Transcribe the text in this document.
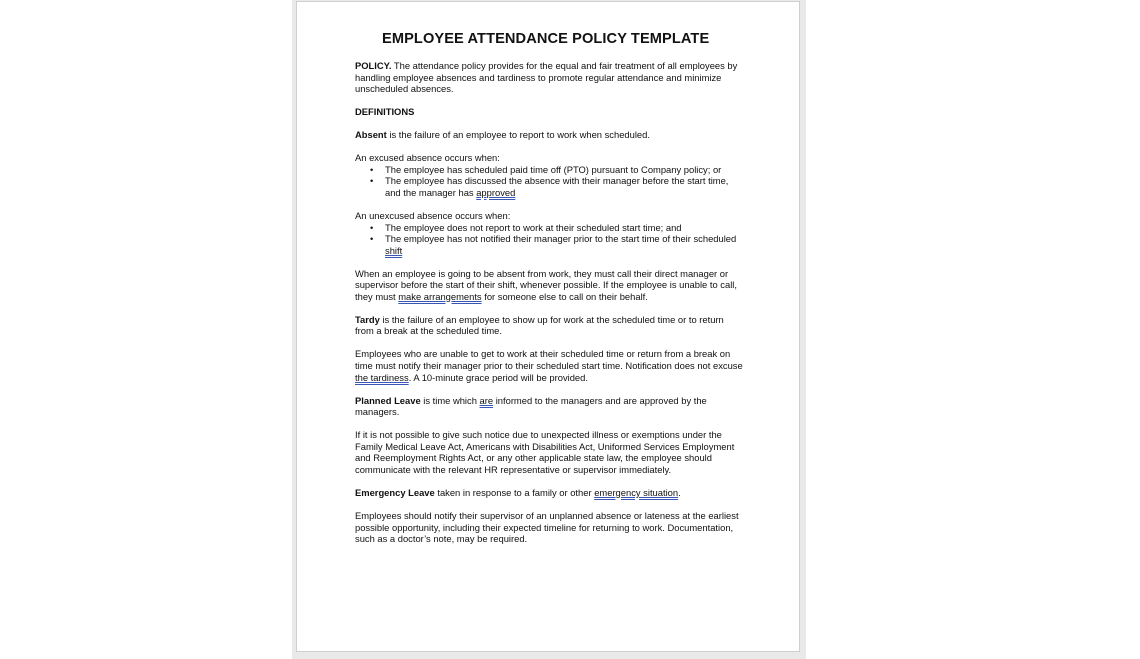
EMPLOYEE ATTENDANCE POLICY TEMPLATE

POLICY. The attendance policy provides for the equal and fair treatment of all employees by handling employee absences and tardiness to promote regular attendance and minimize unscheduled absences.

DEFINITIONS

Absent is the failure of an employee to report to work when scheduled.

An excused absence occurs when:
• The employee has scheduled paid time off (PTO) pursuant to Company policy; or
• The employee has discussed the absence with their manager before the start time, and the manager has approved
An unexcused absence occurs when:
• The employee does not report to work at their scheduled start time; and
• The employee has not notified their manager prior to the start time of their scheduled shift

When an employee is going to be absent from work, they must call their direct manager or supervisor before the start of their shift, whenever possible. If the employee is unable to call, they must make arrangements for someone else to call on their behalf.

Tardy is the failure of an employee to show up for work at the scheduled time or to return from a break at the scheduled time.

Employees who are unable to get to work at their scheduled time or return from a break on time must notify their manager prior to their scheduled start time. Notification does not excuse the tardiness. A 10-minute grace period will be provided.

Planned Leave is time which are informed to the managers and are approved by the managers.

If it is not possible to give such notice due to unexpected illness or exemptions under the Family Medical Leave Act, Americans with Disabilities Act, Uniformed Services Employment and Reemployment Rights Act, or any other applicable state law, the employee should communicate with the relevant HR representative or supervisor immediately.

Emergency Leave taken in response to a family or other emergency situation.

Employees should notify their supervisor of an unplanned absence or lateness at the earliest possible opportunity, including their expected timeline for returning to work. Documentation, such as a doctor’s note, may be required.
